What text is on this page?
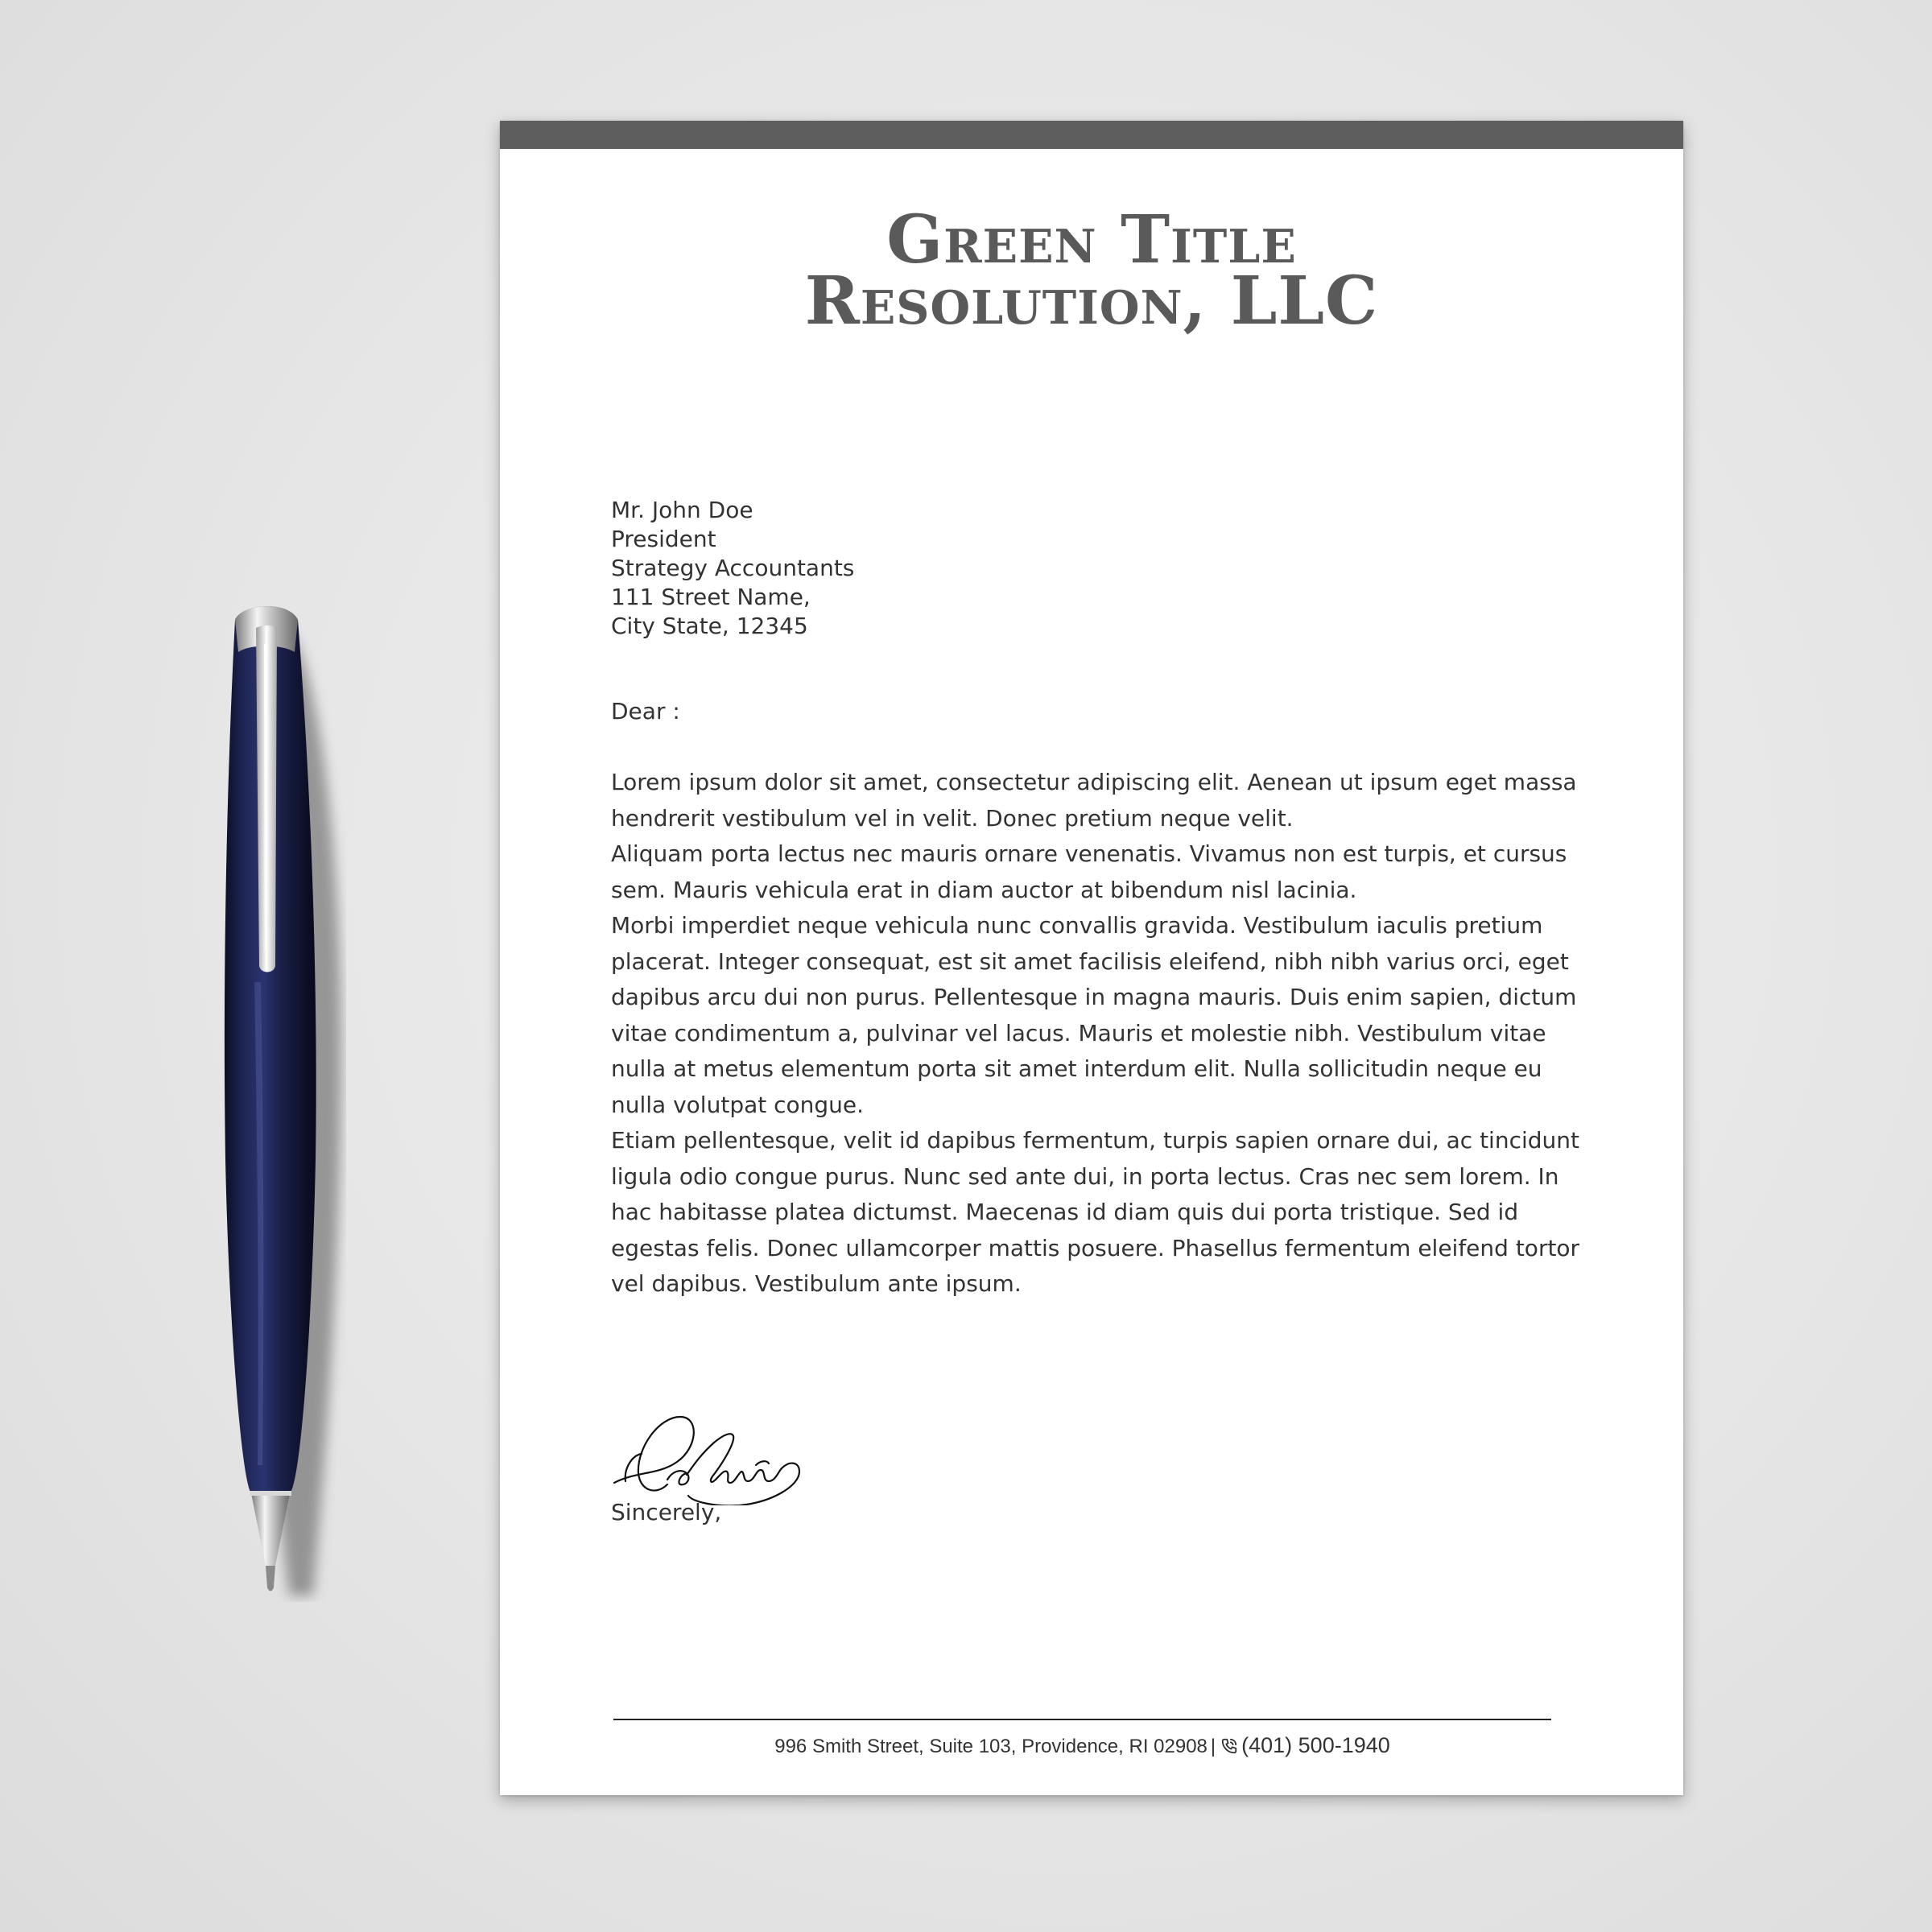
Green Title
Resolution, LLC
Mr. John Doe
President
Strategy Accountants
111 Street Name,
City State, 12345
Dear :

Lorem ipsum dolor sit amet, consectetur adipiscing elit. Aenean ut ipsum eget massa hendrerit vestibulum vel in velit. Donec pretium neque velit.

Aliquam porta lectus nec mauris ornare venenatis. Vivamus non est turpis, et cursus sem. Mauris vehicula erat in diam auctor at bibendum nisl lacinia.

Morbi imperdiet neque vehicula nunc convallis gravida. Vestibulum iaculis pretium placerat. Integer consequat, est sit amet facilisis eleifend, nibh nibh varius orci, eget dapibus arcu dui non purus. Pellentesque in magna mauris. Duis enim sapien, dictum vitae condimentum a, pulvinar vel lacus. Mauris et molestie nibh. Vestibulum vitae nulla at metus elementum porta sit amet interdum elit. Nulla sollicitudin neque eu nulla volutpat congue.

Etiam pellentesque, velit id dapibus fermentum, turpis sapien ornare dui, ac tincidunt ligula odio congue purus. Nunc sed ante dui, in porta lectus. Cras nec sem lorem. In hac habitasse platea dictumst. Maecenas id diam quis dui porta tristique. Sed id egestas felis. Donec ullamcorper mattis posuere. Phasellus fermentum eleifend tortor vel dapibus. Vestibulum ante ipsum.

Sincerely,
996 Smith Street, Suite 103, Providence, RI 02908 | (401) 500-1940
